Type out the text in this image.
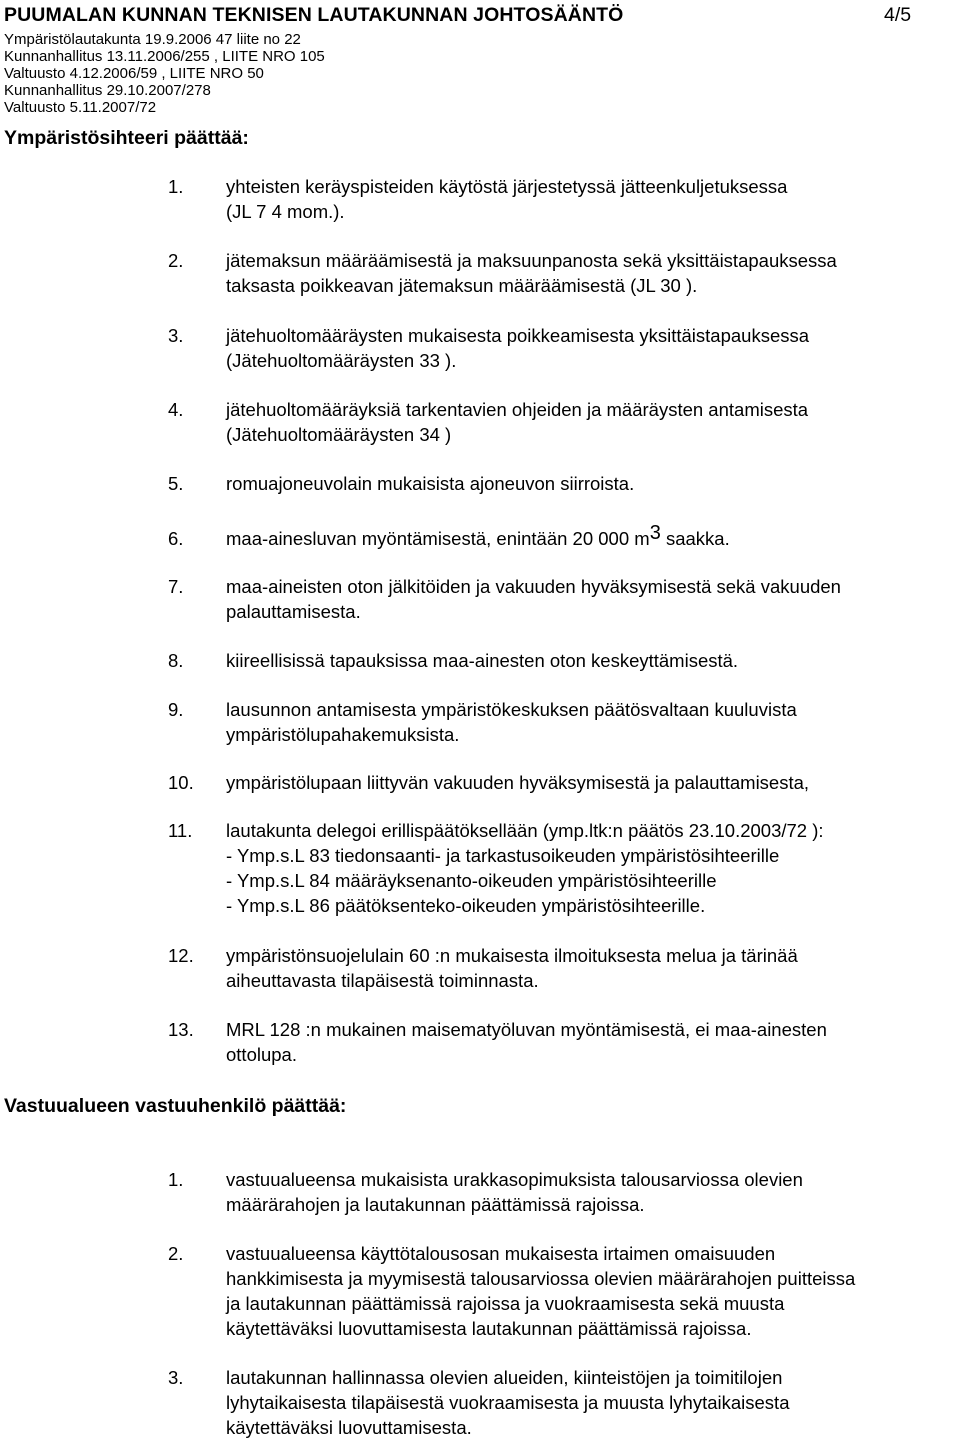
PUUMALAN KUNNAN TEKNISEN LAUTAKUNNAN JOHTOSÄÄNTÖ	4/5
Ympäristölautakunta 19.9.2006 47 liite no 22
Kunnanhallitus 13.11.2006/255 , LIITE NRO 105
Valtuusto 4.12.2006/59 , LIITE NRO 50
Kunnanhallitus 29.10.2007/278
Valtuusto 5.11.2007/72
Ympäristösihteeri päättää:
1. yhteisten keräyspisteiden käytöstä järjestetyssä jätteenkuljetuksessa
(JL 7 4 mom.).
2. jätemaksun määräämisestä ja maksuunpanosta sekä yksittäistapauksessa
taksasta poikkeavan jätemaksun määräämisestä (JL 30 ).
3. jätehuoltomääräysten mukaisesta poikkeamisesta yksittäistapauksessa
(Jätehuoltomääräysten 33 ).
4. jätehuoltomääräyksiä tarkentavien ohjeiden ja määräysten antamisesta
(Jätehuoltomääräysten 34 )
5. romuajoneuvolain mukaisista ajoneuvon siirroista.
6. maa-ainesluvan myöntämisestä, enintään 20 000 $m^3$ saakka.
7. maa-aineisten oton jälkitöiden ja vakuuden hyväksymisestä sekä vakuuden
palauttamisesta.
8. kiireellisissä tapauksissa maa-ainesten oton keskeyttämisestä.
9. lausunnon antamisesta ympäristökeskuksen päätösvaltaan kuuluvista
ympäristölupahakemuksista.
10. ympäristölupaan liittyvän vakuuden hyväksymisestä ja palauttamisesta,
11. lautakunta delegoi erillispäätöksellään (ymp.ltk:n päätös 23.10.2003/72 ):
- Ymp.s.L 83 tiedonsaanti- ja tarkastusoikeuden ympäristösihteerille
- Ymp.s.L 84 määräyksenanto-oikeuden ympäristösihteerille
- Ymp.s.L 86 päätöksenteko-oikeuden ympäristösihteerille.
12. ympäristönsuojelulain 60 :n mukaisesta ilmoituksesta melua ja tärinää
aiheuttavasta tilapäisestä toiminnasta.
13. MRL 128 :n mukainen maisematyöluvan myöntämisestä, ei maa-ainesten
ottolupa.
Vastuualueen vastuuhenkilö päättää:
1. vastuualueensa mukaisista urakkasopimuksista talousarviossa olevien
määrärahojen ja lautakunnan päättämissä rajoissa.
2. vastuualueensa käyttötalousosan mukaisesta irtaimen omaisuuden
hankkimisesta ja myymisestä talousarviossa olevien määrärahojen puitteissa
ja lautakunnan päättämissä rajoissa ja vuokraamisesta sekä muusta
käytettäväksi luovuttamisesta lautakunnan päättämissä rajoissa.
3. lautakunnan hallinnassa olevien alueiden, kiinteistöjen ja toimitilojen
lyhytaikaisesta tilapäisestä vuokraamisesta ja muusta lyhytaikaisesta
käytettäväksi luovuttamisesta.
